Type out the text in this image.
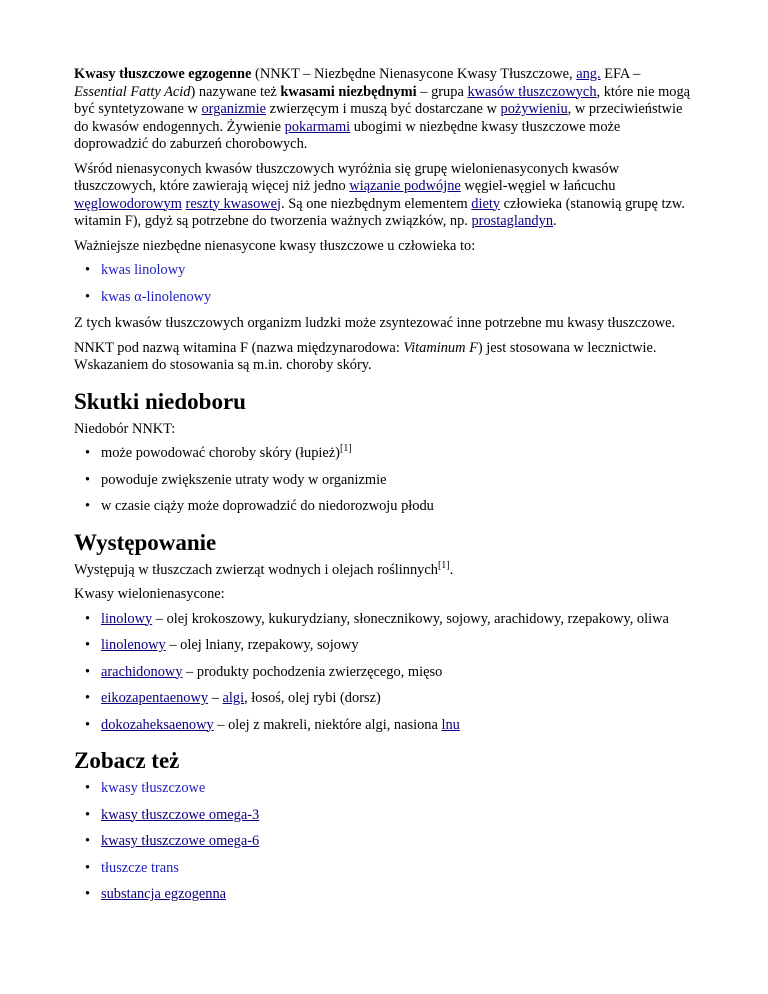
Kwasy tłuszczowe egzogenne (NNKT – Niezbędne Nienasycone Kwasy Tłuszczowe, ang. EFA – Essential Fatty Acid) nazywane też kwasami niezbędnymi – grupa kwasów tłuszczowych, które nie mogą być syntetyzowane w organizmie zwierzęcym i muszą być dostarczane w pożywieniu, w przeciwieństwie do kwasów endogennych. Żywienie pokarmami ubogimi w niezbędne kwasy tłuszczowe może doprowadzić do zaburzeń chorobowych.

Wśród nienasyconych kwasów tłuszczowych wyróżnia się grupę wielonienasyconych kwasów tłuszczowych, które zawierają więcej niż jedno wiązanie podwójne węgiel-węgiel w łańcuchu węglowodorowym reszty kwasowej. Są one niezbędnym elementem diety człowieka (stanowią grupę tzw. witamin F), gdyż są potrzebne do tworzenia ważnych związków, np. prostaglandyn.

Ważniejsze niezbędne nienasycone kwasy tłuszczowe u człowieka to:

• kwas linolowy
• kwas α-linolenowy

Z tych kwasów tłuszczowych organizm ludzki może zsyntezować inne potrzebne mu kwasy tłuszczowe.

NNKT pod nazwą witamina F (nazwa międzynarodowa: Vitaminum F) jest stosowana w lecznictwie. Wskazaniem do stosowania są m.in. choroby skóry.

Skutki niedoboru

Niedobór NNKT:

• może powodować choroby skóry (łupież)[1]
• powoduje zwiększenie utraty wody w organizmie
• w czasie ciąży może doprowadzić do niedorozwoju płodu
Występowanie

Występują w tłuszczach zwierząt wodnych i olejach roślinnych[1].

Kwasy wielonienasycone:

• linolowy – olej krokoszowy, kukurydziany, słonecznikowy, sojowy, arachidowy, rzepakowy, oliwa
• linolenowy – olej lniany, rzepakowy, sojowy
• arachidonowy – produkty pochodzenia zwierzęcego, mięso
• eikozapentaenowy – algi, łosoś, olej rybi (dorsz)
• dokozaheksaenowy – olej z makreli, niektóre algi, nasiona lnu
Zobacz też
• kwasy tłuszczowe
• kwasy tłuszczowe omega-3
• kwasy tłuszczowe omega-6
• tłuszcze trans
• substancja egzogenna
